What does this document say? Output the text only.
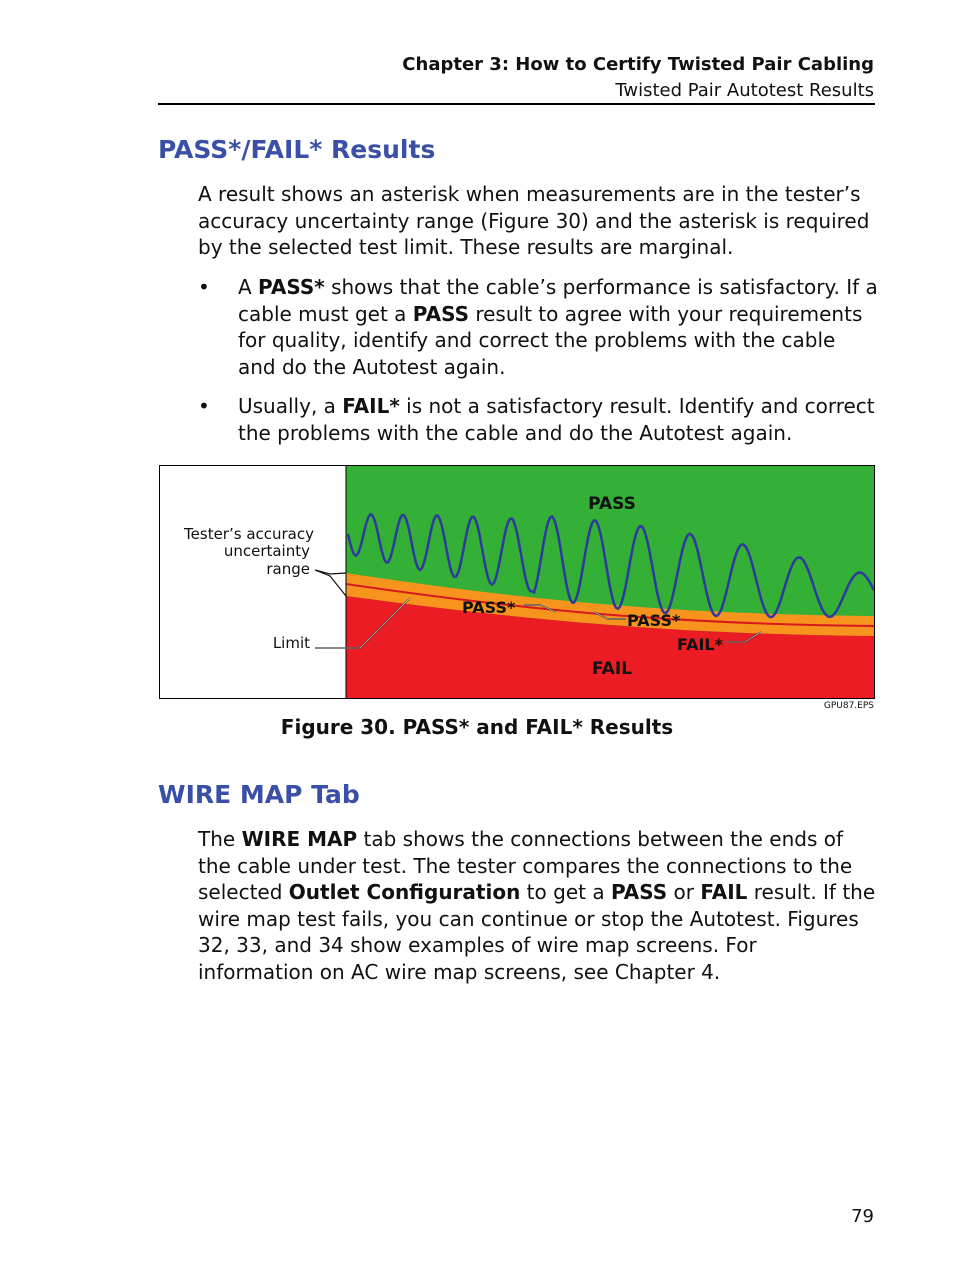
Chapter 3: How to Certify Twisted Pair Cabling
Twisted Pair Autotest Results
PASS*/FAIL* Results

A result shows an asterisk when measurements are in the tester’s accuracy uncertainty range (Figure 30) and the asterisk is required by the selected test limit. These results are marginal.

•	A PASS* shows that the cable’s performance is satisfactory. If a cable must get a PASS result to agree with your requirements for quality, identify and correct the problems with the cable and do the Autotest again.
•	Usually, a FAIL* is not a satisfactory result. Identify and correct the problems with the cable and do the Autotest again.
Tester’s accuracy
uncertainty
range
Limit
PASS
FAIL
PASS*
PASS*
FAIL*
GPU87.EPS
Figure 30. PASS* and FAIL* Results
WIRE MAP Tab

The WIRE MAP tab shows the connections between the ends of the cable under test. The tester compares the connections to the selected Outlet Configuration to get a PASS or FAIL result. If the wire map test fails, you can continue or stop the Autotest. Figures 32, 33, and 34 show examples of wire map screens. For information on AC wire map screens, see Chapter 4.

79
